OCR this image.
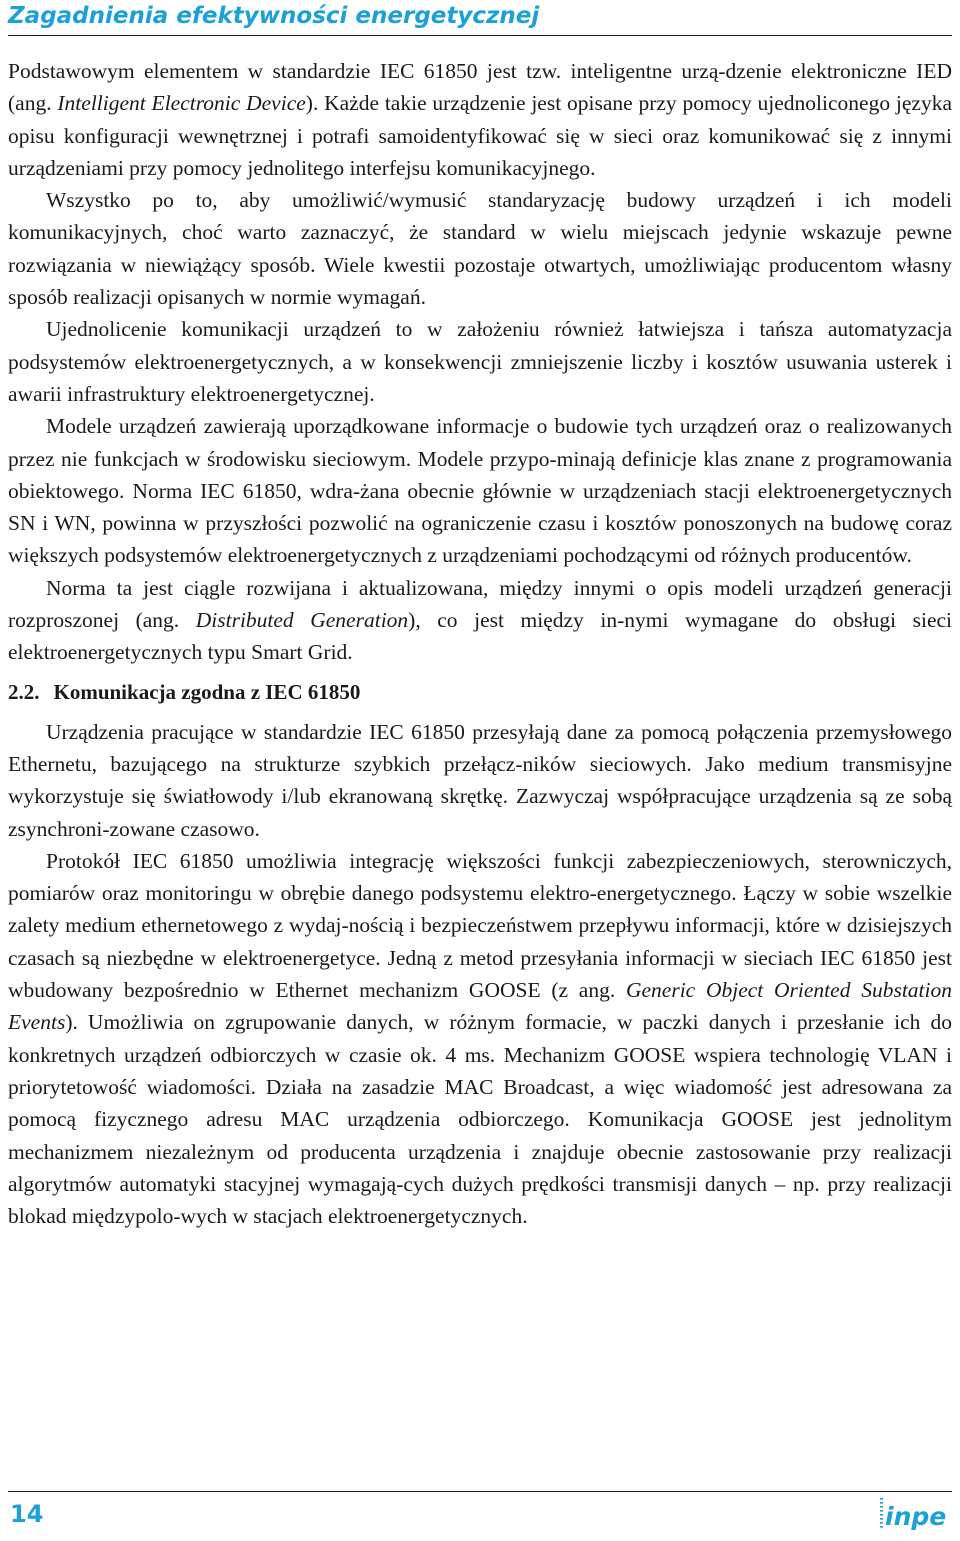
Zagadnienia efektywności energetycznej

Podstawowym elementem w standardzie IEC 61850 jest tzw. inteligentne urzą-dzenie elektroniczne IED (ang. Intelligent Electronic Device). Każde takie urządzenie jest opisane przy pomocy ujednoliconego języka opisu konfiguracji wewnętrznej i potrafi samoidentyfikować się w sieci oraz komunikować się z innymi urządzeniami przy pomocy jednolitego interfejsu komunikacyjnego.

Wszystko po to, aby umożliwić/wymusić standaryzację budowy urządzeń i ich modeli komunikacyjnych, choć warto zaznaczyć, że standard w wielu miejscach jedynie wskazuje pewne rozwiązania w niewiążący sposób. Wiele kwestii pozostaje otwartych, umożliwiając producentom własny sposób realizacji opisanych w normie wymagań.

Ujednolicenie komunikacji urządzeń to w założeniu również łatwiejsza i tańsza automatyzacja podsystemów elektroenergetycznych, a w konsekwencji zmniejszenie liczby i kosztów usuwania usterek i awarii infrastruktury elektroenergetycznej.

Modele urządzeń zawierają uporządkowane informacje o budowie tych urządzeń oraz o realizowanych przez nie funkcjach w środowisku sieciowym. Modele przypo-minają definicje klas znane z programowania obiektowego. Norma IEC 61850, wdra-żana obecnie głównie w urządzeniach stacji elektroenergetycznych SN i WN, powinna w przyszłości pozwolić na ograniczenie czasu i kosztów ponoszonych na budowę coraz większych podsystemów elektroenergetycznych z urządzeniami pochodzącymi od różnych producentów.

Norma ta jest ciągle rozwijana i aktualizowana, między innymi o opis modeli urządzeń generacji rozproszonej (ang. Distributed Generation), co jest między in-nymi wymagane do obsługi sieci elektroenergetycznych typu Smart Grid.

2.2. Komunikacja zgodna z IEC 61850

Urządzenia pracujące w standardzie IEC 61850 przesyłają dane za pomocą połączenia przemysłowego Ethernetu, bazującego na strukturze szybkich przełącz-ników sieciowych. Jako medium transmisyjne wykorzystuje się światłowody i/lub ekranowaną skrętkę. Zazwyczaj współpracujące urządzenia są ze sobą zsynchroni-zowane czasowo.

Protokół IEC 61850 umożliwia integrację większości funkcji zabezpieczeniowych, sterowniczych, pomiarów oraz monitoringu w obrębie danego podsystemu elektro-energetycznego. Łączy w sobie wszelkie zalety medium ethernetowego z wydaj-nością i bezpieczeństwem przepływu informacji, które w dzisiejszych czasach są niezbędne w elektroenergetyce. Jedną z metod przesyłania informacji w sieciach IEC 61850 jest wbudowany bezpośrednio w Ethernet mechanizm GOOSE (z ang. Generic Object Oriented Substation Events). Umożliwia on zgrupowanie danych, w różnym formacie, w paczki danych i przesłanie ich do konkretnych urządzeń odbiorczych w czasie ok. 4 ms. Mechanizm GOOSE wspiera technologię VLAN i priorytetowość wiadomości. Działa na zasadzie MAC Broadcast, a więc wiadomość jest adresowana za pomocą fizycznego adresu MAC urządzenia odbiorczego. Komunikacja GOOSE jest jednolitym mechanizmem niezależnym od producenta urządzenia i znajduje obecnie zastosowanie przy realizacji algorytmów automatyki stacyjnej wymagają-cych dużych prędkości transmisji danych – np. przy realizacji blokad międzypolo-wych w stacjach elektroenergetycznych.

14	inpe
